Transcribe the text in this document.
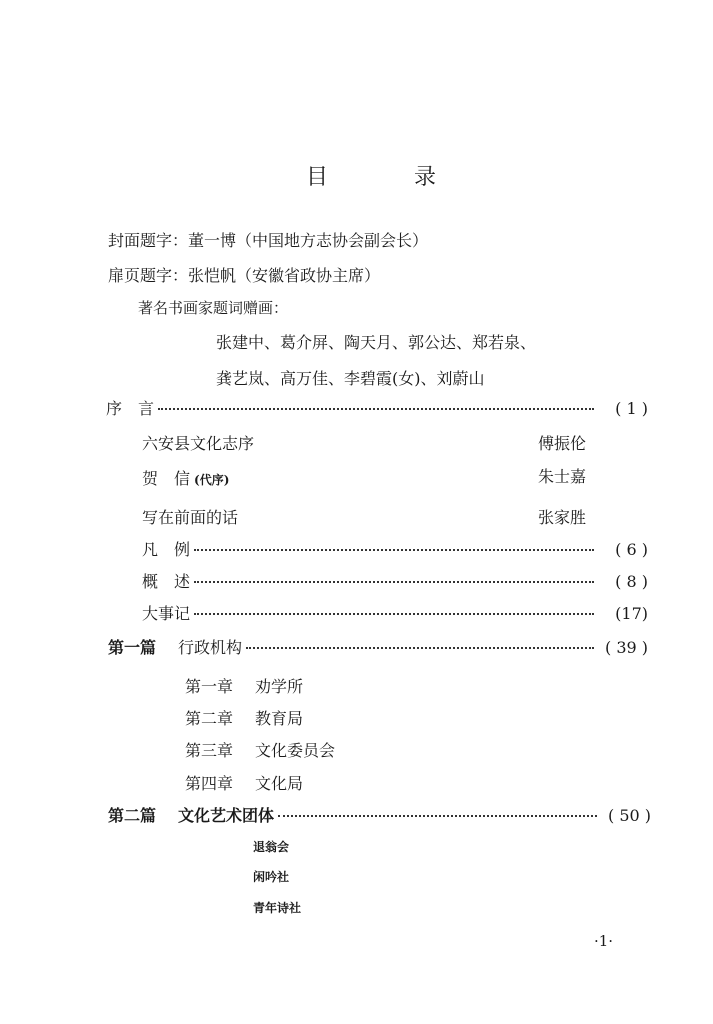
目	录
封面题字：董一博（中国地方志协会副会长）
扉页题字：张恺帆（安徽省政协主席）
著名书画家题词赠画：
张建中、葛介屏、陶天月、郭公达、郑若泉、
龚艺岚、高万佳、李碧霞(女)、刘蔚山
序　言	( 1 )
六安县文化志序	傅振伦
贺　信 (代序)	朱士嘉
写在前面的话	张家胜
凡　例	( 6 )
概　述	( 8 )
大事记	(17)
第一篇 行政机构	( 39 )
第一章 劝学所
第二章 教育局
第三章 文化委员会
第四章 文化局
第二篇 文化艺术团体	( 50 )
退翁会
闲吟社
青年诗社
·1·
